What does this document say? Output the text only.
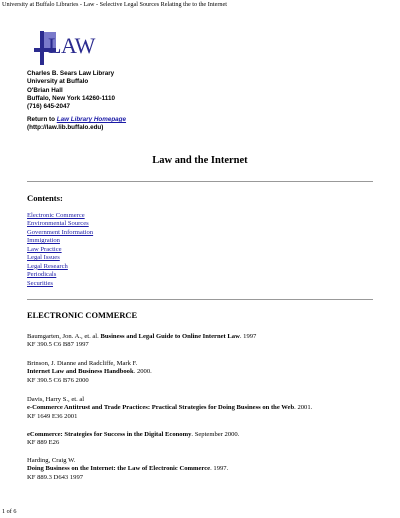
University at Buffalo Libraries - Law - Selective Legal Sources Relating the to the Internet
LAW
Charles B. Sears Law Library
University at Buffalo
O'Brian Hall
Buffalo, New York 14260-1110
(716) 645-2047
Return to Law Library Homepage
(http://law.lib.buffalo.edu)
Law and the Internet
Contents:
Electronic Commerce
Environmental Sources
Government Information
Immigration
Law Practice
Legal Issues
Legal Research
Periodicals
Securities
ELECTRONIC COMMERCE
Baumgarten, Jon. A., et. al. Business and Legal Guide to Online Internet Law. 1997
KF 390.5 C6 B87 1997
Brinson, J. Dianne and Radcliffe, Mark F.
Internet Law and Business Handbook. 2000.
KF 390.5 C6 B76 2000
Davis, Harry S., et. al
e-Commerce Antitrust and Trade Practices: Practical Strategies for Doing Business on the Web. 2001.
KF 1649 E36 2001
eCommerce: Strategies for Success in the Digital Economy. September 2000.
KF 889 E26
Harding, Craig W.
Doing Business on the Internet: the Law of Electronic Commerce. 1997.
KF 889.3 D643 1997
1 of 6
